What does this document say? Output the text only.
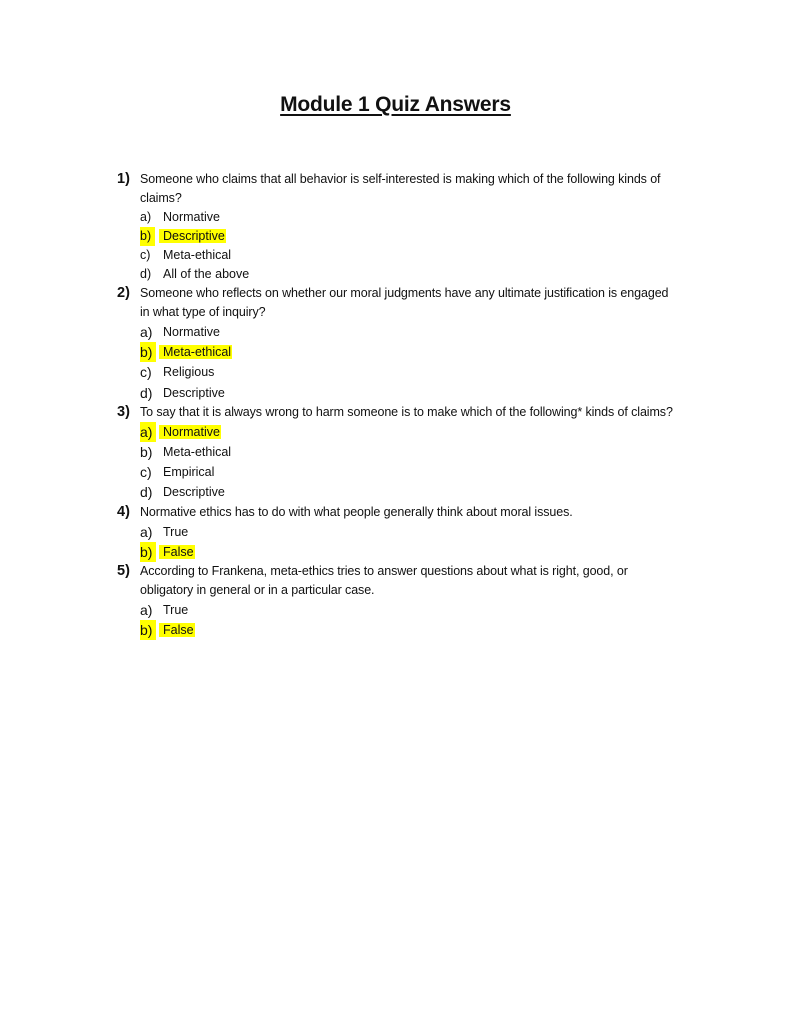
Module 1 Quiz Answers
1) Someone who claims that all behavior is self-interested is making which of the following kinds of claims?
a) Normative
b) Descriptive
c) Meta-ethical
d) All of the above
2) Someone who reflects on whether our moral judgments have any ultimate justification is engaged in what type of inquiry?
a) Normative
b) Meta-ethical
c) Religious
d) Descriptive
3) To say that it is always wrong to harm someone is to make which of the following* kinds of claims?
a) Normative
b) Meta-ethical
c) Empirical
d) Descriptive
4) Normative ethics has to do with what people generally think about moral issues.
a) True
b) False
5) According to Frankena, meta-ethics tries to answer questions about what is right, good, or obligatory in general or in a particular case.
a) True
b) False
